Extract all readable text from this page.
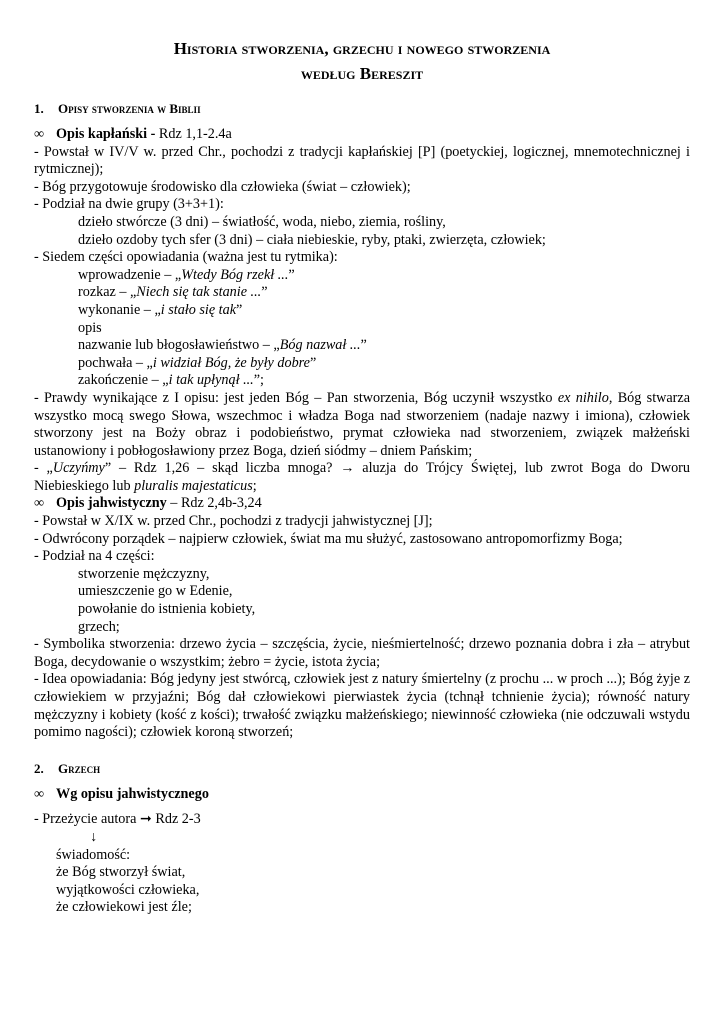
Historia stworzenia, grzechu i nowego stworzenia
według Bereszit
1. Opisy stworzenia w Biblii

∞ Opis kapłański - Rdz 1,1-2.4a

- Powstał w IV/V w. przed Chr., pochodzi z tradycji kapłańskiej [P] (poetyckiej, logicznej, mnemotechnicznej i rytmicznej);

- Bóg przygotowuje środowisko dla człowieka (świat – człowiek);

- Podział na dwie grupy (3+3+1):

dzieło stwórcze (3 dni) – światłość, woda, niebo, ziemia, rośliny,

dzieło ozdoby tych sfer (3 dni) – ciała niebieskie, ryby, ptaki, zwierzęta, człowiek;

- Siedem części opowiadania (ważna jest tu rytmika):

wprowadzenie – „Wtedy Bóg rzekł ...”

rozkaz – „Niech się tak stanie ...”

wykonanie – „i stało się tak”

opis

nazwanie lub błogosławieństwo – „Bóg nazwał ...”

pochwała – „i widział Bóg, że były dobre”

zakończenie – „i tak upłynął ...”;

- Prawdy wynikające z I opisu: jest jeden Bóg – Pan stworzenia, Bóg uczynił wszystko ex nihilo, Bóg stwarza wszystko mocą swego Słowa, wszechmoc i władza Boga nad stworzeniem (nadaje nazwy i imiona), człowiek stworzony jest na Boży obraz i podobieństwo, prymat człowieka nad stworzeniem, związek małżeński ustanowiony i pobłogosławiony przez Boga, dzień siódmy – dniem Pańskim;

- „Uczyńmy” – Rdz 1,26 – skąd liczba mnoga? → aluzja do Trójcy Świętej, lub zwrot Boga do Dworu Niebieskiego lub pluralis majestaticus;

∞ Opis jahwistyczny – Rdz 2,4b-3,24

- Powstał w X/IX w. przed Chr., pochodzi z tradycji jahwistycznej [J];

- Odwrócony porządek – najpierw człowiek, świat ma mu służyć, zastosowano antropomorfizmy Boga;

- Podział na 4 części:

stworzenie mężczyzny,

umieszczenie go w Edenie,

powołanie do istnienia kobiety,

grzech;

- Symbolika stworzenia: drzewo życia – szczęścia, życie, nieśmiertelność; drzewo poznania dobra i zła – atrybut Boga, decydowanie o wszystkim; żebro = życie, istota życia;

- Idea opowiadania: Bóg jedyny jest stwórcą, człowiek jest z natury śmiertelny (z prochu ... w proch ...); Bóg żyje z człowiekiem w przyjaźni; Bóg dał człowiekowi pierwiastek życia (tchnął tchnienie życia); równość natury mężczyzny i kobiety (kość z kości); trwałość związku małżeńskiego; niewinność człowieka (nie odczuwali wstydu pomimo nagości); człowiek koroną stworzeń;

2. Grzech

∞ Wg opisu jahwistycznego

- Przeżycie autora ➞ Rdz 2-3

↓

świadomość:

że Bóg stworzył świat,

wyjątkowości człowieka,

że człowiekowi jest źle;
